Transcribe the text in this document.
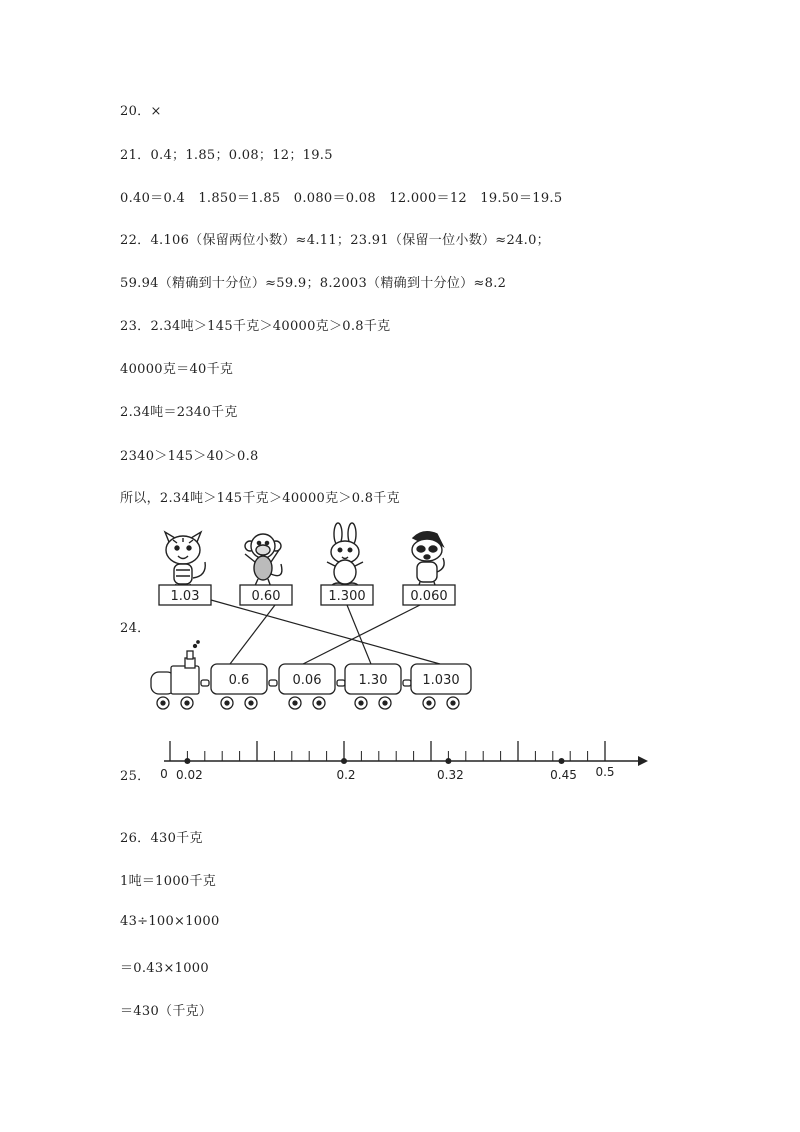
20．×
21．0.4；1.85；0.08；12；19.5
0.40＝0.4　1.850＝1.85　0.080＝0.08　12.000＝12　19.50＝19.5
22．4.106（保留两位小数）≈4.11；23.91（保留一位小数）≈24.0；
59.94（精确到十分位）≈59.9；8.2003（精确到十分位）≈8.2
23．2.34吨＞145千克＞40000克＞0.8千克
40000克＝40千克
2.34吨＝2340千克
2340＞145＞40＞0.8
所以，2.34吨＞145千克＞40000克＞0.8千克
24．
1.03	0.60	1.300	0.060
0.6	0.06	1.30	1.030
25． 0.02	0.2	0.32	0.45
0	0.5
26．430千克
1吨＝1000千克
43÷100×1000
＝0.43×1000
＝430（千克）
